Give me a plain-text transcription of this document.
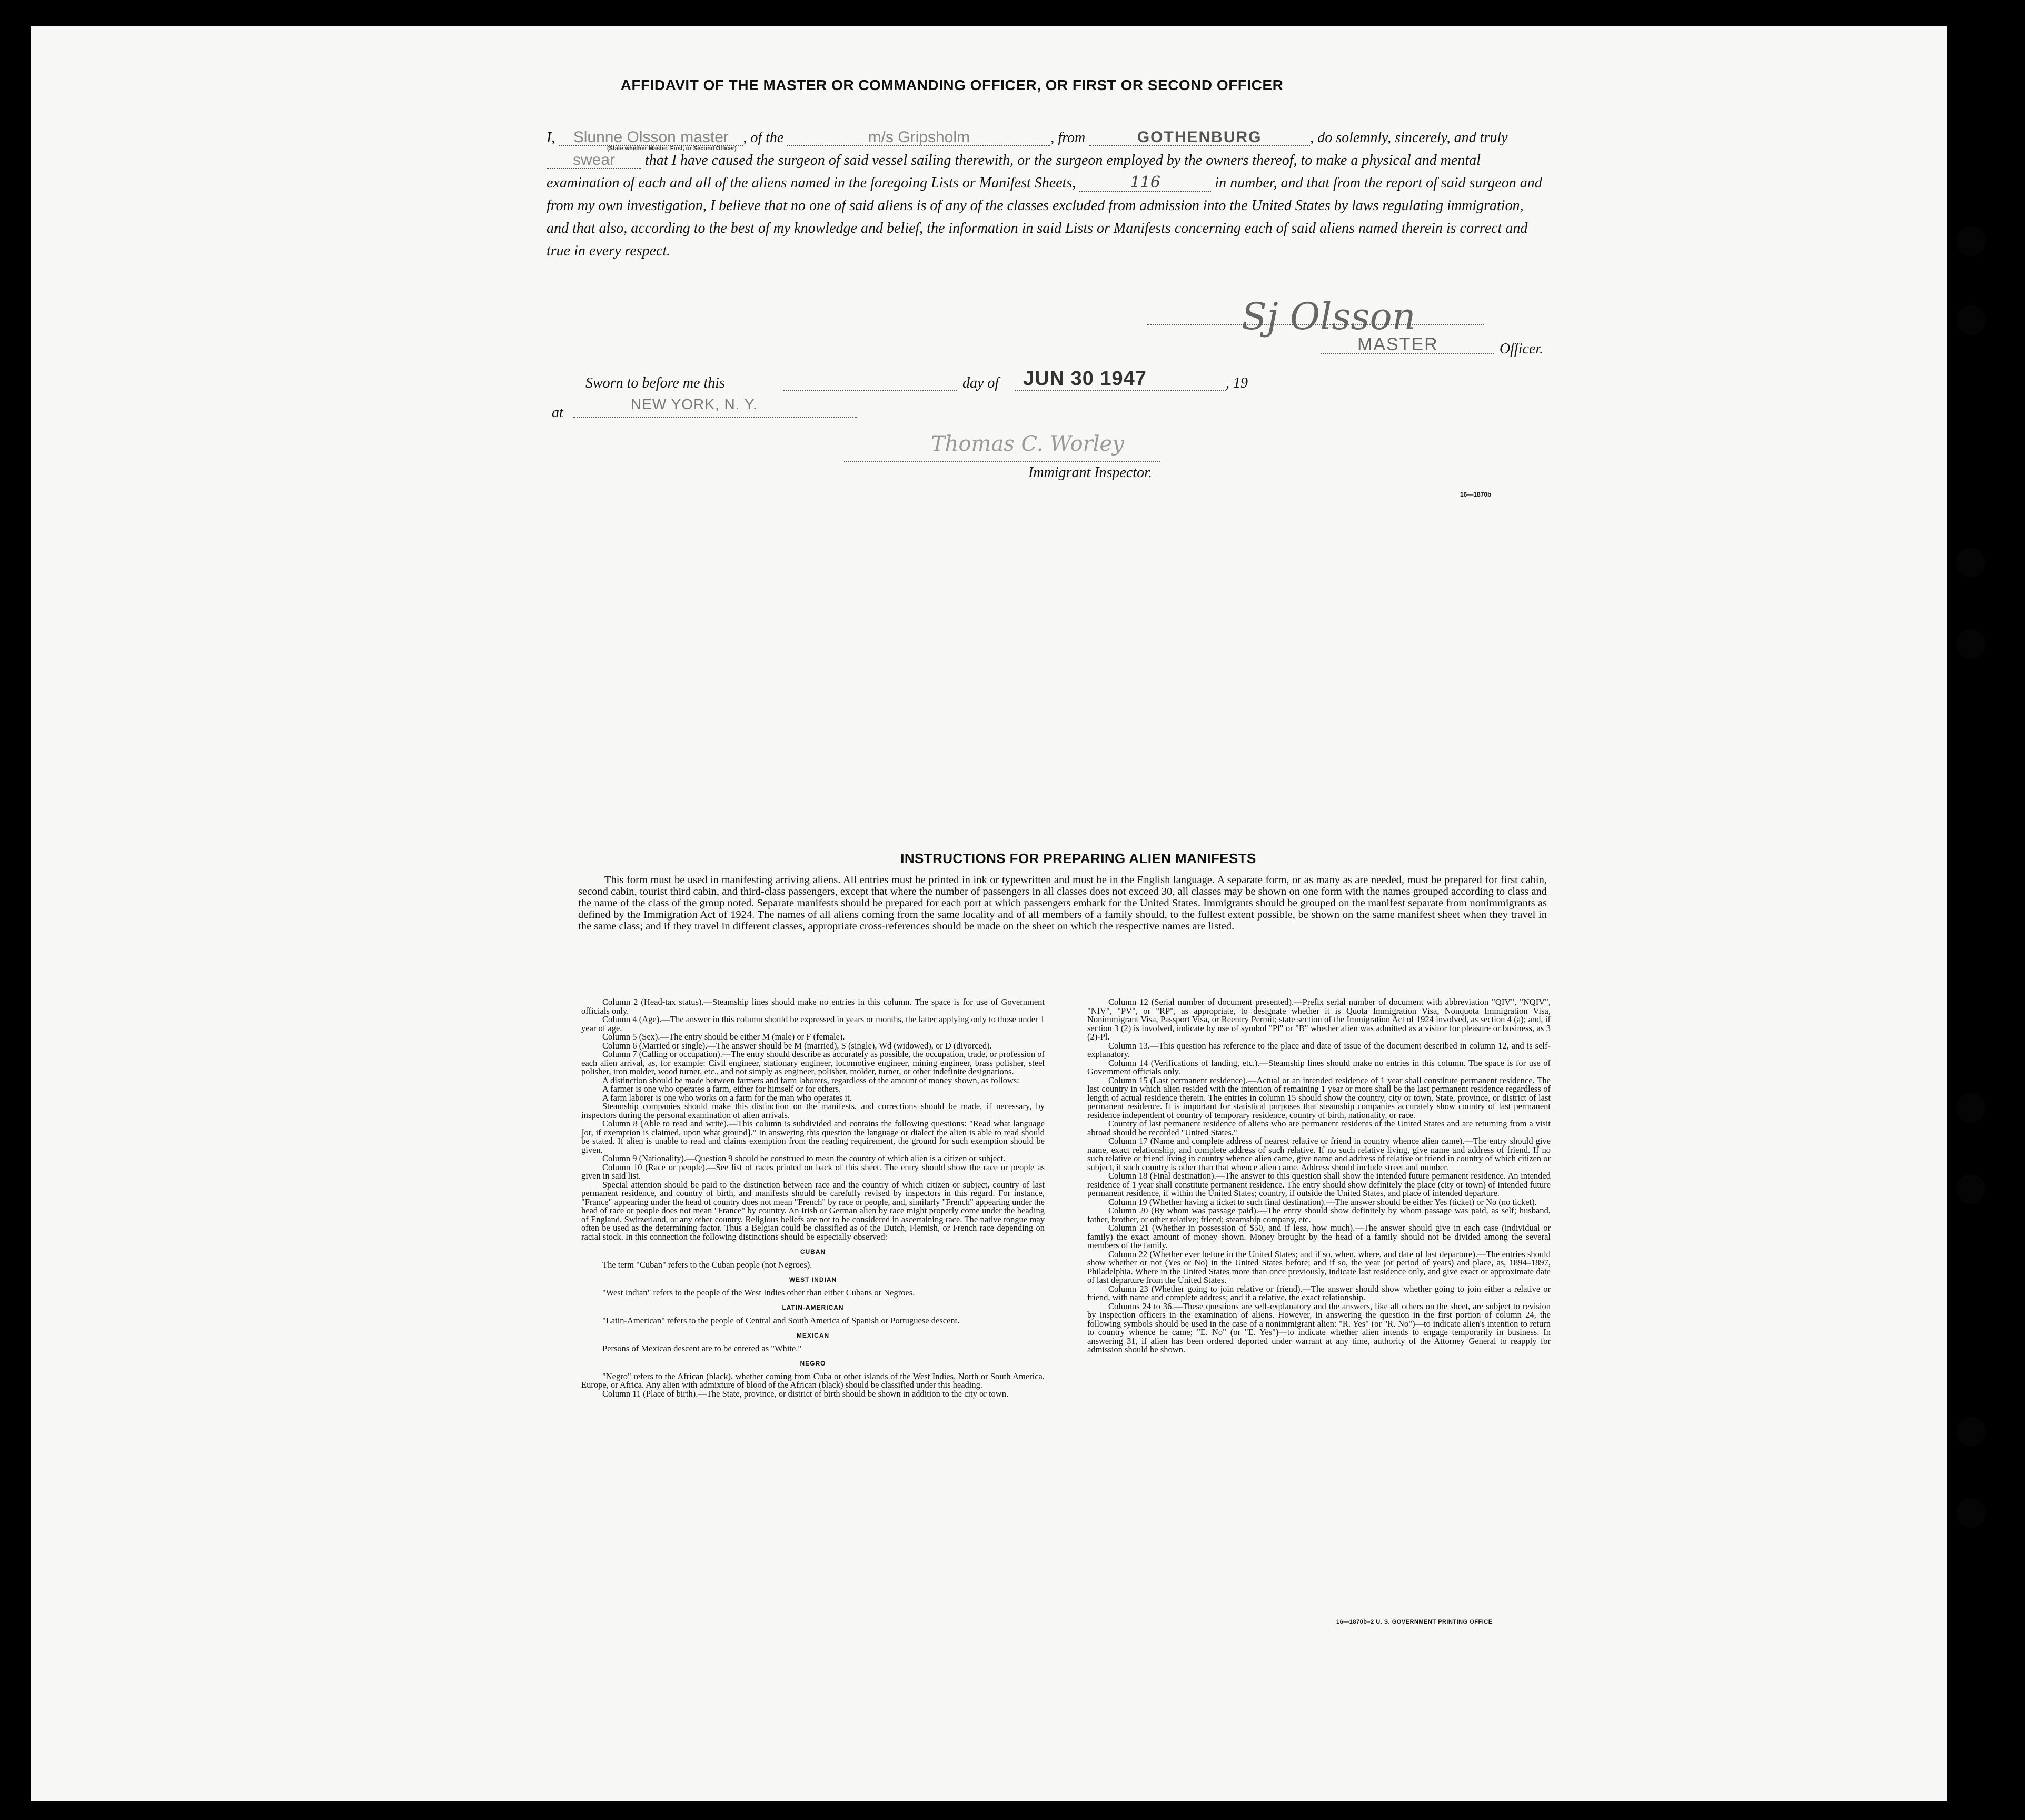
AFFIDAVIT OF THE MASTER OR COMMANDING OFFICER, OR FIRST OR SECOND OFFICER
I, Slunne Olsson master , of the	m/s Gripsholm	, from	GOTHENBURG	, do solemnly, sincerely, and truly swear that I have caused the surgeon of said vessel sailing therewith, or the surgeon employed by the owners thereof, to make a physical and mental examination of each and all of the aliens named in the foregoing Lists or Manifest Sheets,	116	in number, and that from the report of said surgeon and from my own investigation, I believe that no one of said aliens is of any of the classes excluded from admission into the United States by laws regulating immigration, and that also, according to the best of my knowledge and belief, the information in said Lists or Manifests concerning each of said aliens named therein is correct and true in every respect.
(State whether Master, First, or Second Officer)
Sj Olsson
MASTER	Officer.
Sworn to before me this	day of JUN 30 1947	, 19
at
NEW YORK, N. Y.
Thomas C. Worley
Immigrant Inspector.
16—1870b
INSTRUCTIONS FOR PREPARING ALIEN MANIFESTS

This form must be used in manifesting arriving aliens. All entries must be printed in ink or typewritten and must be in the English language. A separate form, or as many as are needed, must be prepared for first cabin, second cabin, tourist third cabin, and third-class passengers, except that where the number of passengers in all classes does not exceed 30, all classes may be shown on one form with the names grouped according to class and the name of the class of the group noted. Separate manifests should be prepared for each port at which passengers embark for the United States. Immigrants should be grouped on the manifest separate from nonimmigrants as defined by the Immigration Act of 1924. The names of all aliens coming from the same locality and of all members of a family should, to the fullest extent possible, be shown on the same manifest sheet when they travel in the same class; and if they travel in different classes, appropriate cross-references should be made on the sheet on which the respective names are listed.

Column 2 (Head-tax status).—Steamship lines should make no entries in this column. The space is for use of Government officials only.

Column 4 (Age).—The answer in this column should be expressed in years or months, the latter applying only to those under 1 year of age.

Column 5 (Sex).—The entry should be either M (male) or F (female).

Column 6 (Married or single).—The answer should be M (married), S (single), Wd (widowed), or D (divorced).

Column 7 (Calling or occupation).—The entry should describe as accurately as possible, the occupation, trade, or profession of each alien arrival, as, for example: Civil engineer, stationary engineer, locomotive engineer, mining engineer, brass polisher, steel polisher, iron molder, wood turner, etc., and not simply as engineer, polisher, molder, turner, or other indefinite designations.

A distinction should be made between farmers and farm laborers, regardless of the amount of money shown, as follows:

A farmer is one who operates a farm, either for himself or for others.

A farm laborer is one who works on a farm for the man who operates it.

Steamship companies should make this distinction on the manifests, and corrections should be made, if necessary, by inspectors during the personal examination of alien arrivals.

Column 8 (Able to read and write).—This column is subdivided and contains the following questions: "Read what language [or, if exemption is claimed, upon what ground]." In answering this question the language or dialect the alien is able to read should be stated. If alien is unable to read and claims exemption from the reading requirement, the ground for such exemption should be given.

Column 9 (Nationality).—Question 9 should be construed to mean the country of which alien is a citizen or subject.

Column 10 (Race or people).—See list of races printed on back of this sheet. The entry should show the race or people as given in said list.

Special attention should be paid to the distinction between race and the country of which citizen or subject, country of last permanent residence, and country of birth, and manifests should be carefully revised by inspectors in this regard. For instance, "France" appearing under the head of country does not mean "French" by race or people, and, similarly "French" appearing under the head of race or people does not mean "France" by country. An Irish or German alien by race might properly come under the heading of England, Switzerland, or any other country. Religious beliefs are not to be considered in ascertaining race. The native tongue may often be used as the determining factor. Thus a Belgian could be classified as of the Dutch, Flemish, or French race depending on racial stock. In this connection the following distinctions should be especially observed:

CUBAN

The term "Cuban" refers to the Cuban people (not Negroes).

WEST INDIAN

"West Indian" refers to the people of the West Indies other than either Cubans or Negroes.

LATIN-AMERICAN

"Latin-American" refers to the people of Central and South America of Spanish or Portuguese descent.

MEXICAN

Persons of Mexican descent are to be entered as "White."

NEGRO

"Negro" refers to the African (black), whether coming from Cuba or other islands of the West Indies, North or South America, Europe, or Africa. Any alien with admixture of blood of the African (black) should be classified under this heading.

Column 11 (Place of birth).—The State, province, or district of birth should be shown in addition to the city or town.

Column 12 (Serial number of document presented).—Prefix serial number of document with abbreviation "QIV", "NQIV", "NIV", "PV", or "RP", as appropriate, to designate whether it is Quota Immigration Visa, Nonquota Immigration Visa, Nonimmigrant Visa, Passport Visa, or Reentry Permit; state section of the Immigration Act of 1924 involved, as section 4 (a); and, if section 3 (2) is involved, indicate by use of symbol "Pl" or "B" whether alien was admitted as a visitor for pleasure or business, as 3 (2)-Pl.

Column 13.—This question has reference to the place and date of issue of the document described in column 12, and is self-explanatory.

Column 14 (Verifications of landing, etc.).—Steamship lines should make no entries in this column. The space is for use of Government officials only.

Column 15 (Last permanent residence).—Actual or an intended residence of 1 year shall constitute permanent residence. The last country in which alien resided with the intention of remaining 1 year or more shall be the last permanent residence regardless of length of actual residence therein. The entries in column 15 should show the country, city or town, State, province, or district of last permanent residence. It is important for statistical purposes that steamship companies accurately show country of last permanent residence independent of country of temporary residence, country of birth, nationality, or race.

Country of last permanent residence of aliens who are permanent residents of the United States and are returning from a visit abroad should be recorded "United States."

Column 17 (Name and complete address of nearest relative or friend in country whence alien came).—The entry should give name, exact relationship, and complete address of such relative. If no such relative living, give name and address of friend. If no such relative or friend living in country whence alien came, give name and address of relative or friend in country of which citizen or subject, if such country is other than that whence alien came. Address should include street and number.

Column 18 (Final destination).—The answer to this question shall show the intended future permanent residence. An intended residence of 1 year shall constitute permanent residence. The entry should show definitely the place (city or town) of intended future permanent residence, if within the United States; country, if outside the United States, and place of intended departure.

Column 19 (Whether having a ticket to such final destination).—The answer should be either Yes (ticket) or No (no ticket).

Column 20 (By whom was passage paid).—The entry should show definitely by whom passage was paid, as self; husband, father, brother, or other relative; friend; steamship company, etc.

Column 21 (Whether in possession of $50, and if less, how much).—The answer should give in each case (individual or family) the exact amount of money shown. Money brought by the head of a family should not be divided among the several members of the family.

Column 22 (Whether ever before in the United States; and if so, when, where, and date of last departure).—The entries should show whether or not (Yes or No) in the United States before; and if so, the year (or period of years) and place, as, 1894–1897, Philadelphia. Where in the United States more than once previously, indicate last residence only, and give exact or approximate date of last departure from the United States.

Column 23 (Whether going to join relative or friend).—The answer should show whether going to join either a relative or friend, with name and complete address; and if a relative, the exact relationship.

Columns 24 to 36.—These questions are self-explanatory and the answers, like all others on the sheet, are subject to revision by inspection officers in the examination of aliens. However, in answering the question in the first portion of column 24, the following symbols should be used in the case of a nonimmigrant alien: "R. Yes" (or "R. No")—to indicate alien's intention to return to country whence he came; "E. No" (or "E. Yes")—to indicate whether alien intends to engage temporarily in business. In answering 31, if alien has been ordered deported under warrant at any time, authority of the Attorney General to reapply for admission should be shown.

16—1870b–2 U. S. GOVERNMENT PRINTING OFFICE
